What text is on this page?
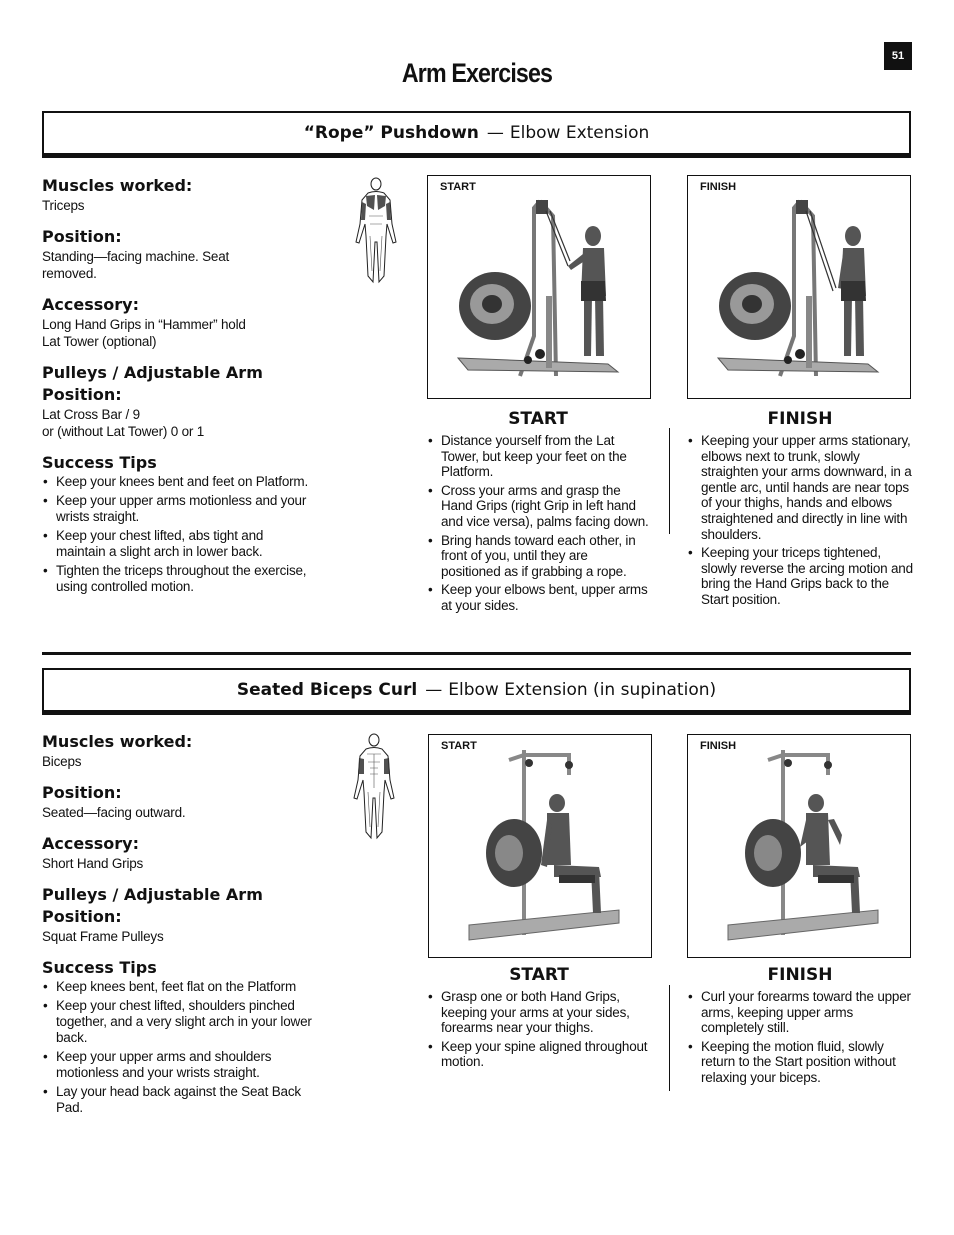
51
Arm Exercises
“Rope” Pushdown — Elbow Extension

Muscles worked:

Triceps

Position:

Standing—facing machine. Seat removed.

Accessory:

Long Hand Grips in “Hammer” hold
Lat Tower (optional)

Pulleys / Adjustable Arm

Position:

Lat Cross Bar / 9
or (without Lat Tower) 0 or 1

Success Tips

• Keep your knees bent and feet on Platform.
• Keep your upper arms motionless and your wrists straight.
• Keep your chest lifted, abs tight and maintain a slight arch in lower back.
• Tighten the triceps throughout the exercise, using controlled motion.
START	FINISH
START
• Distance yourself from the Lat Tower, but keep your feet on the Platform.
• Cross your arms and grasp the Hand Grips (right Grip in left hand and vice versa), palms facing down.
• Bring hands toward each other, in front of you, until they are positioned as if grabbing a rope.
• Keep your elbows bent, upper arms at your sides.
FINISH
• Keeping your upper arms stationary, elbows next to trunk, slowly straighten your arms downward, in a gentle arc, until hands are near tops of your thighs, hands and elbows straightened and directly in line with shoulders.
• Keeping your triceps tightened, slowly reverse the arcing motion and bring the Hand Grips back to the Start position.
Seated Biceps Curl — Elbow Extension (in supination)

Muscles worked:

Biceps

Position:

Seated—facing outward.

Accessory:

Short Hand Grips

Pulleys / Adjustable Arm

Position:

Squat Frame Pulleys

Success Tips

• Keep knees bent, feet flat on the Platform
• Keep your chest lifted, shoulders pinched together, and a very slight arch in your lower back.
• Keep your upper arms and shoulders motionless and your wrists straight.
• Lay your head back against the Seat Back Pad.
START	FINISH
START
• Grasp one or both Hand Grips, keeping your arms at your sides, forearms near your thighs.
• Keep your spine aligned throughout motion.
FINISH
• Curl your forearms toward the upper arms, keeping upper arms completely still.
• Keeping the motion fluid, slowly return to the Start position without relaxing your biceps.
